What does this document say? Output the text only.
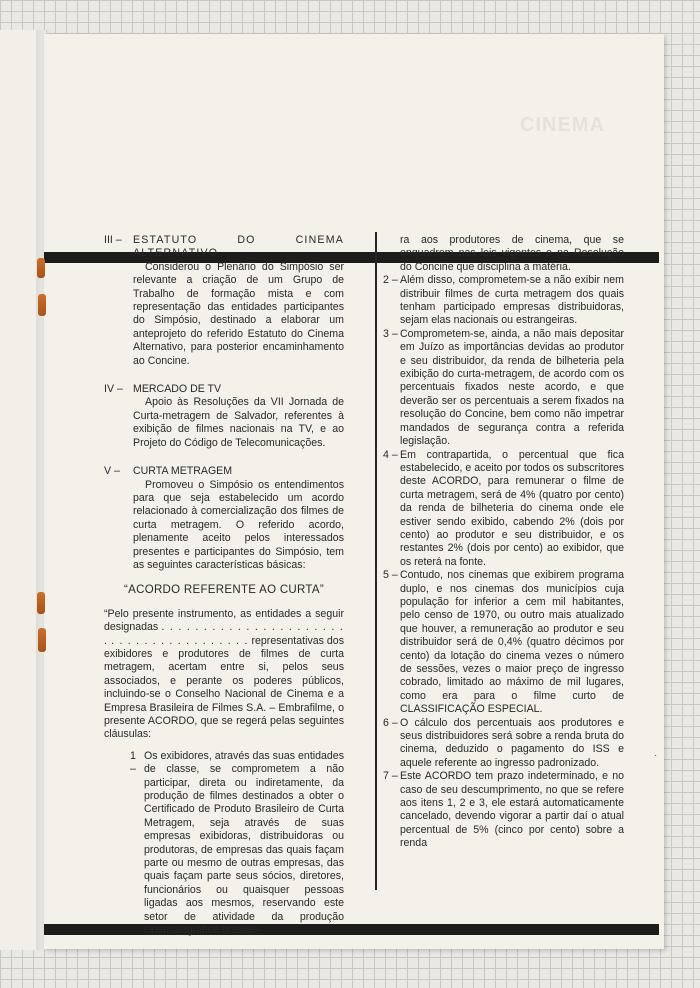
CINEMA
·
III –	ESTATUTO DO CINEMA ALTERNATIVO

Considerou o Plenário do Simpósio ser relevante a criação de um Grupo de Trabalho de formação mista e com representação das entidades participantes do Simpósio, destinado a elaborar um anteprojeto do referido Estatuto do Cinema Alternativo, para posterior encaminhamento ao Concine.

IV – MERCADO DE TV

Apoio às Resoluções da VII Jornada de Curta-metragem de Salvador, referentes à exibição de filmes nacionais na TV, e ao Projeto do Código de Telecomunicações.

V –	CURTA METRAGEM

Promoveu o Simpósio os entendimentos para que seja estabelecido um acordo relacionado à comercialização dos filmes de curta metragem. O referido acordo, plenamente aceito pelos interessados presentes e participantes do Simpósio, tem as seguintes características básicas:

“ACORDO REFERENTE AO CURTA”

“Pelo presente instrumento, as entidades a seguir designadas . . . . . . . . . . . . . . . . . . . . . . . . . . . . . . . . . . . . . . . . representativas dos exibidores e produtores de filmes de curta metragem, acertam entre si, pelos seus associados, e perante os poderes públicos, incluindo-se o Conselho Nacional de Cinema e a Empresa Brasileira de Filmes S.A. – Embrafilme, o presente ACORDO, que se regerá pelas seguintes cláusulas:

1 –
Os exibidores, através das suas entidades de classe, se comprometem a não participar, direta ou indiretamente, da produção de filmes destinados a obter o Certificado de Produto Brasileiro de Curta Metragem, seja através de suas empresas exibidoras, distribuidoras ou produtoras, de empresas das quais façam parte ou mesmo de outras empresas, das quais façam parte seus sócios, diretores, funcionários ou quaisquer pessoas ligadas aos mesmos, reservando este setor de atividade da produção cinematográfica brasilei-

ra aos produtores de cinema, que se enquadrem nas leis vigentes e na Resolução do Concine que disciplina a matéria.

2 – Além disso, comprometem-se a não exibir nem distribuir filmes de curta metragem dos quais tenham participado empresas distribuidoras, sejam elas nacionais ou estrangeiras.
3 – Comprometem-se, ainda, a não mais depositar em Juízo as importâncias devidas ao produtor e seu distribuidor, da renda de bilheteria pela exibição do curta-metragem, de acordo com os percentuais fixados neste acordo, e que deverão ser os percentuais a serem fixados na resolução do Concine, bem como não impetrar mandados de segurança contra a referida legislação.
4 – Em contrapartida, o percentual que fica estabelecido, e aceito por todos os subscritores deste ACORDO, para remunerar o filme de curta metragem, será de 4% (quatro por cento) da renda de bilheteria do cinema onde ele estiver sendo exibido, cabendo 2% (dois por cento) ao produtor e seu distribuidor, e os restantes 2% (dois por cento) ao exibidor, que os reterá na fonte.
5 – Contudo, nos cinemas que exibirem programa duplo, e nos cinemas dos municípios cuja população for inferior a cem mil habitantes, pelo censo de 1970, ou outro mais atualizado que houver, a remuneração ao produtor e seu distribuidor será de 0,4% (quatro décimos por cento) da lotação do cinema vezes o número de sessões, vezes o maior preço de ingresso cobrado, limitado ao máximo de mil lugares, como era para o filme curto de CLASSIFICAÇÃO ESPECIAL.
6 – O cálculo dos percentuais aos produtores e seus distribuidores será sobre a renda bruta do cinema, deduzido o pagamento do ISS e aquele referente ao ingresso padronizado.
7 – Este ACORDO tem prazo indeterminado, e no caso de seu descumprimento, no que se refere aos itens 1, 2 e 3, ele estará automaticamente cancelado, devendo vigorar a partir daí o atual percentual de 5% (cinco por cento) sobre a renda
